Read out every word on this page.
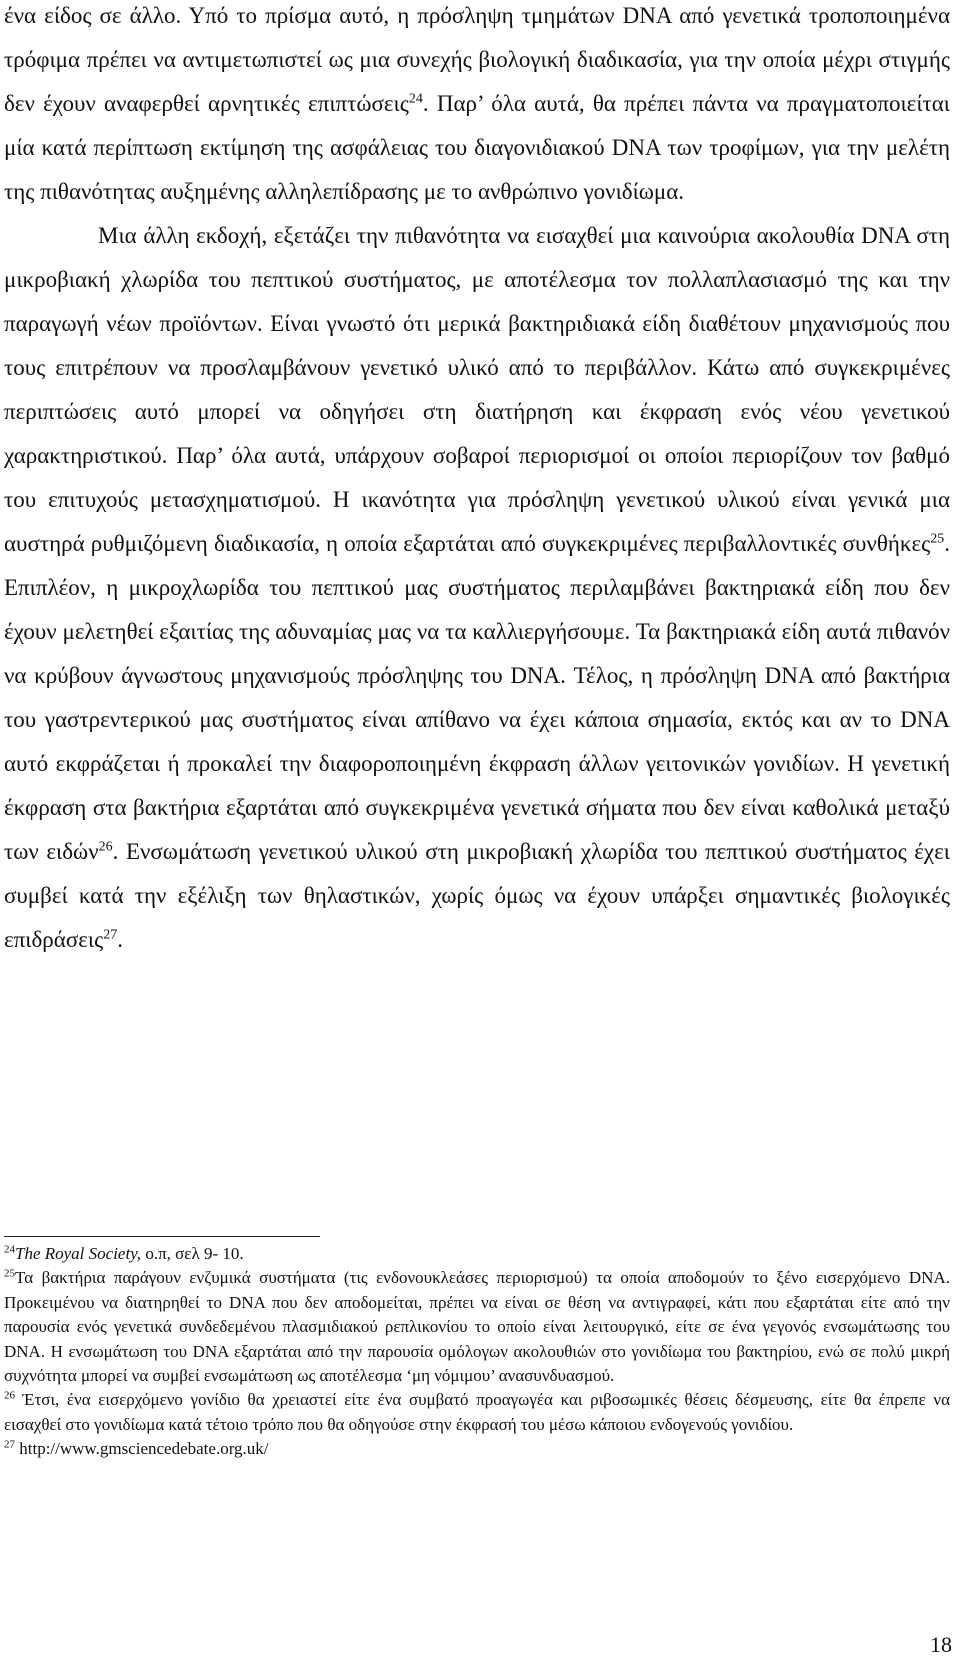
ένα είδος σε άλλο. Υπό το πρίσμα αυτό, η πρόσληψη τμημάτων DNA από γενετικά τροποποιημένα τρόφιμα πρέπει να αντιμετωπιστεί ως μια συνεχής βιολογική διαδικασία, για την οποία μέχρι στιγμής δεν έχουν αναφερθεί αρνητικές επιπτώσεις$^{24}$. Παρ’ όλα αυτά, θα πρέπει πάντα να πραγματοποιείται μία κατά περίπτωση εκτίμηση της ασφάλειας του διαγονιδιακού DNA των τροφίμων, για την μελέτη της πιθανότητας αυξημένης αλληλεπίδρασης με το ανθρώπινο γονιδίωμα.

Μια άλλη εκδοχή, εξετάζει την πιθανότητα να εισαχθεί μια καινούρια ακολουθία DNA στη μικροβιακή χλωρίδα του πεπτικού συστήματος, με αποτέλεσμα τον πολλαπλασιασμό της και την παραγωγή νέων προϊόντων. Είναι γνωστό ότι μερικά βακτηριδιακά είδη διαθέτουν μηχανισμούς που τους επιτρέπουν να προσλαμβάνουν γενετικό υλικό από το περιβάλλον. Κάτω από συγκεκριμένες περιπτώσεις αυτό μπορεί να οδηγήσει στη διατήρηση και έκφραση ενός νέου γενετικού χαρακτηριστικού. Παρ’ όλα αυτά, υπάρχουν σοβαροί περιορισμοί οι οποίοι περιορίζουν τον βαθμό του επιτυχούς μετασχηματισμού. Η ικανότητα για πρόσληψη γενετικού υλικού είναι γενικά μια αυστηρά ρυθμιζόμενη διαδικασία, η οποία εξαρτάται από συγκεκριμένες περιβαλλοντικές συνθήκες$^{25}$. Επιπλέον, η μικροχλωρίδα του πεπτικού μας συστήματος περιλαμβάνει βακτηριακά είδη που δεν έχουν μελετηθεί εξαιτίας της αδυναμίας μας να τα καλλιεργήσουμε. Τα βακτηριακά είδη αυτά πιθανόν να κρύβουν άγνωστους μηχανισμούς πρόσληψης του DNA. Τέλος, η πρόσληψη DNA από βακτήρια του γαστρεντερικού μας συστήματος είναι απίθανο να έχει κάποια σημασία, εκτός και αν το DNA αυτό εκφράζεται ή προκαλεί την διαφοροποιημένη έκφραση άλλων γειτονικών γονιδίων. Η γενετική έκφραση στα βακτήρια εξαρτάται από συγκεκριμένα γενετικά σήματα που δεν είναι καθολικά μεταξύ των ειδών$^{26}$. Ενσωμάτωση γενετικού υλικού στη μικροβιακή χλωρίδα του πεπτικού συστήματος έχει συμβεί κατά την εξέλιξη των θηλαστικών, χωρίς όμως να έχουν υπάρξει σημαντικές βιολογικές επιδράσεις$^{27}$.

$^{24}$The Royal Society, ο.π, σελ 9- 10.

$^{25}$Τα βακτήρια παράγουν ενζυμικά συστήματα (τις ενδονουκλεάσες περιορισμού) τα οποία αποδομούν το ξένο εισερχόμενο DNA. Προκειμένου να διατηρηθεί το DNA που δεν αποδομείται, πρέπει να είναι σε θέση να αντιγραφεί, κάτι που εξαρτάται είτε από την παρουσία ενός γενετικά συνδεδεμένου πλασμιδιακού ρεπλικονίου το οποίο είναι λειτουργικό, είτε σε ένα γεγονός ενσωμάτωσης του DNA. Η ενσωμάτωση του DNA εξαρτάται από την παρουσία ομόλογων ακολουθιών στο γονιδίωμα του βακτηρίου, ενώ σε πολύ μικρή συχνότητα μπορεί να συμβεί ενσωμάτωση ως αποτέλεσμα ‘μη νόμιμου’ ανασυνδυασμού.

$^{26}$ Έτσι, ένα εισερχόμενο γονίδιο θα χρειαστεί είτε ένα συμβατό προαγωγέα και ριβοσωμικές θέσεις δέσμευσης, είτε θα έπρεπε να εισαχθεί στο γονιδίωμα κατά τέτοιο τρόπο που θα οδηγούσε στην έκφρασή του μέσω κάποιου ενδογενούς γονιδίου.

$^{27}$ http://www.gmsciencedebate.org.uk/

18
